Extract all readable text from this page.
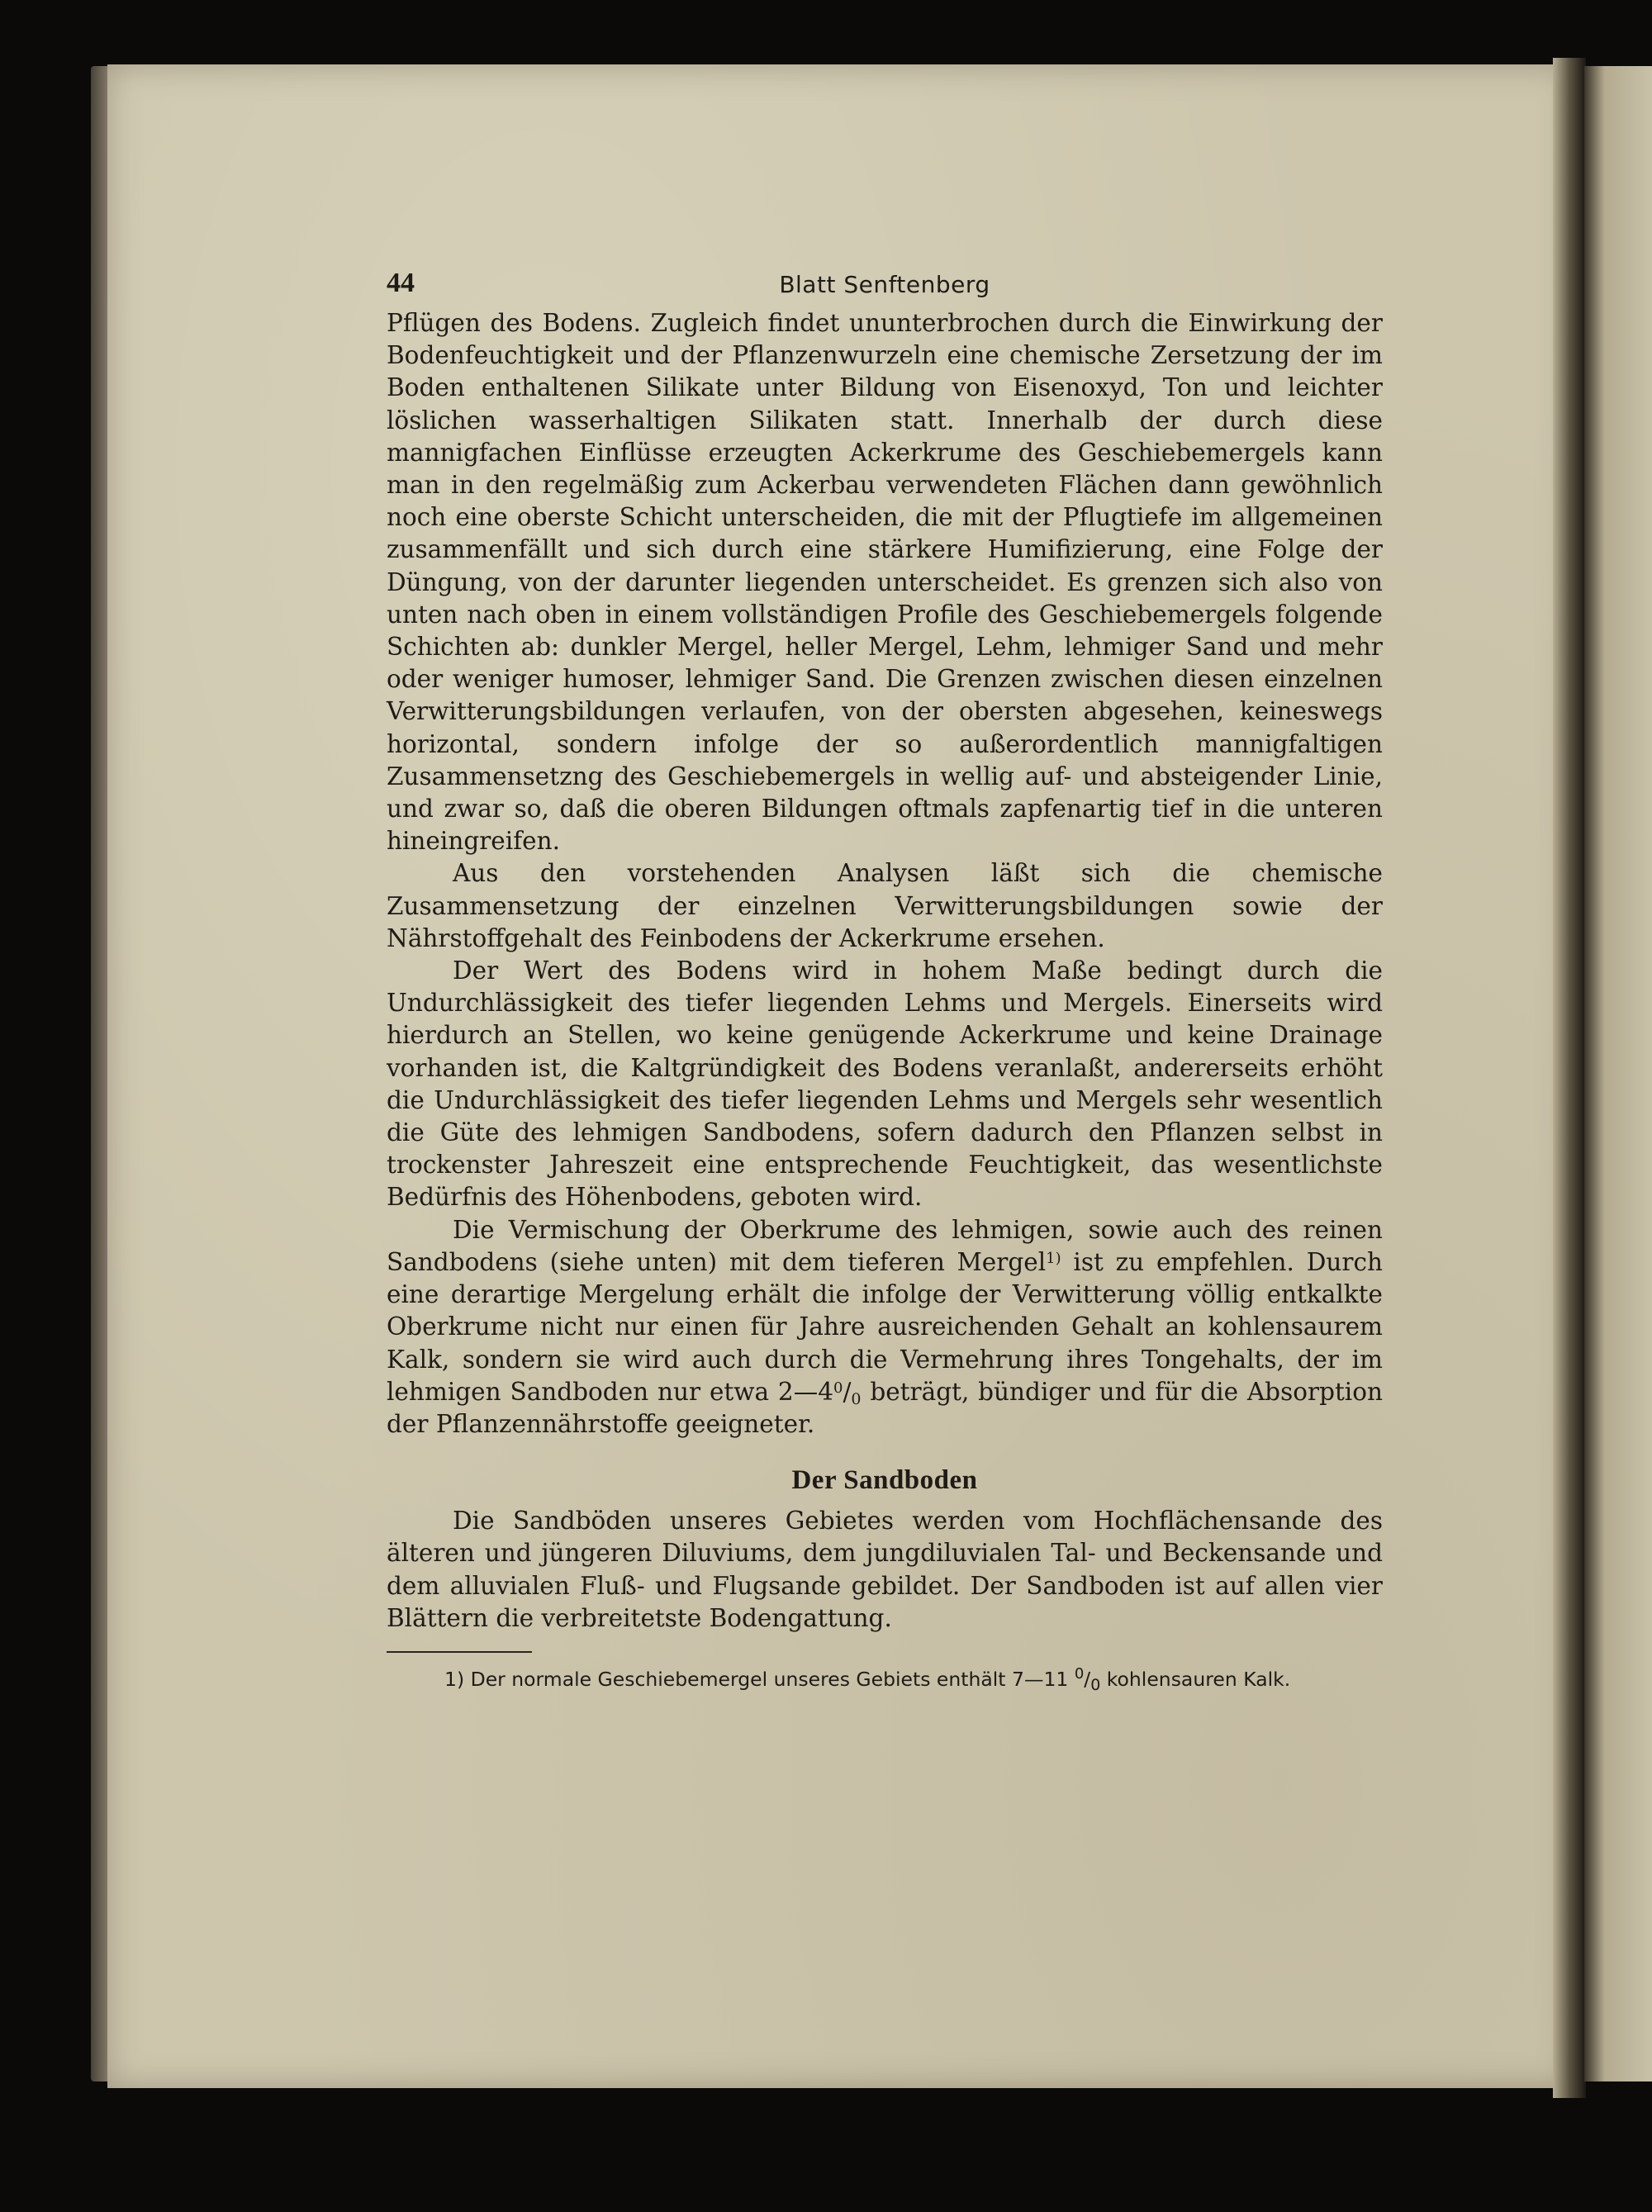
44	Blatt Senftenberg

Pflügen des Bodens. Zugleich findet ununterbrochen durch die Einwirkung der Bodenfeuchtigkeit und der Pflanzenwurzeln eine chemische Zersetzung der im Boden enthaltenen Silikate unter Bildung von Eisenoxyd, Ton und leichter löslichen wasserhaltigen Silikaten statt. Innerhalb der durch diese mannigfachen Einflüsse erzeugten Ackerkrume des Geschiebemergels kann man in den regelmäßig zum Ackerbau verwendeten Flächen dann gewöhnlich noch eine oberste Schicht unterscheiden, die mit der Pflugtiefe im allgemeinen zusammenfällt und sich durch eine stärkere Humifizierung, eine Folge der Düngung, von der darunter liegenden unterscheidet. Es grenzen sich also von unten nach oben in einem vollständigen Profile des Geschiebemergels folgende Schichten ab: dunkler Mergel, heller Mergel, Lehm, lehmiger Sand und mehr oder weniger humoser, lehmiger Sand. Die Grenzen zwischen diesen einzelnen Verwitterungsbildungen verlaufen, von der obersten abgesehen, keineswegs horizontal, sondern infolge der so außerordentlich mannigfaltigen Zusammensetzng des Geschiebemergels in wellig auf- und absteigender Linie, und zwar so, daß die oberen Bildungen oftmals zapfenartig tief in die unteren hineingreifen.

Aus den vorstehenden Analysen läßt sich die chemische Zusammensetzung der einzelnen Verwitterungsbildungen sowie der Nährstoffgehalt des Feinbodens der Ackerkrume ersehen.

Der Wert des Bodens wird in hohem Maße bedingt durch die Undurchlässigkeit des tiefer liegenden Lehms und Mergels. Einerseits wird hierdurch an Stellen, wo keine genügende Ackerkrume und keine Drainage vorhanden ist, die Kaltgründigkeit des Bodens veranlaßt, andererseits erhöht die Undurchlässigkeit des tiefer liegenden Lehms und Mergels sehr wesentlich die Güte des lehmigen Sandbodens, sofern dadurch den Pflanzen selbst in trockenster Jahreszeit eine entsprechende Feuchtigkeit, das wesentlichste Bedürfnis des Höhenbodens, geboten wird.

Die Vermischung der Oberkrume des lehmigen, sowie auch des reinen Sandbodens (siehe unten) mit dem tieferen Mergel$^{1)}$ ist zu empfehlen. Durch eine derartige Mergelung erhält die infolge der Verwitterung völlig entkalkte Oberkrume nicht nur einen für Jahre ausreichenden Gehalt an kohlensaurem Kalk, sondern sie wird auch durch die Vermehrung ihres Tongehalts, der im lehmigen Sandboden nur etwa $2—4^0/0$ beträgt, bündiger und für die Absorption der Pflanzennährstoffe geeigneter.

Der Sandboden

Die Sandböden unseres Gebietes werden vom Hochflächensande des älteren und jüngeren Diluviums, dem jungdiluvialen Tal- und Beckensande und dem alluvialen Fluß- und Flugsande gebildet. Der Sandboden ist auf allen vier Blättern die verbreitetste Bodengattung.

1) Der normale Geschiebemergel unseres Gebiets enthält 7—11 $^0/_0$ kohlensauren Kalk.
